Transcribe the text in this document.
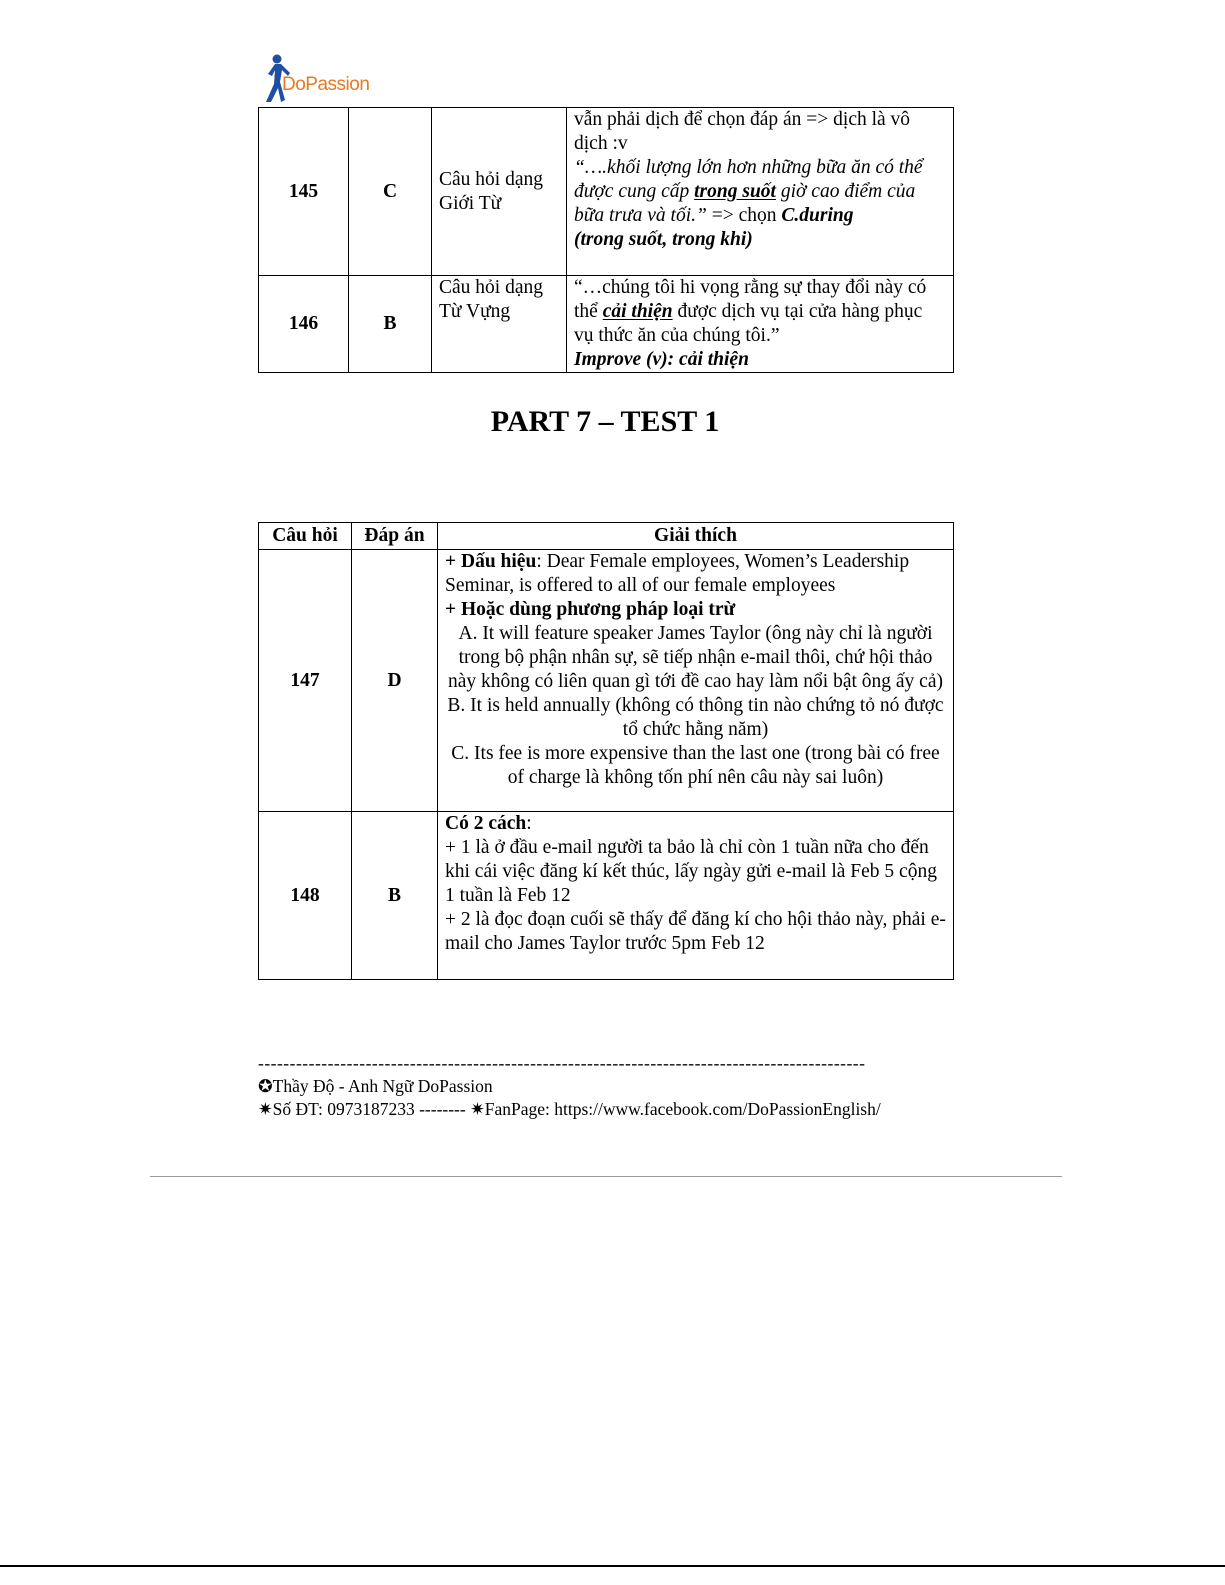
DoPassion
145	C	Câu hỏi dạng Giới Từ	vẫn phải dịch để chọn đáp án => dịch là vô dịch :v
“….khối lượng lớn hơn những bữa ăn có thể được cung cấp trong suốt giờ cao điểm của bữa trưa và tối.” => chọn C.during
(trong suốt, trong khi)

146	B	Câu hỏi dạng Từ Vựng	“…chúng tôi hi vọng rằng sự thay đổi này có thể cải thiện được dịch vụ tại cửa hàng phục vụ thức ăn của chúng tôi.”
Improve (v): cải thiện
PART 7 – TEST 1
Câu hỏi	Đáp án	Giải thích
147	D	+ Dấu hiệu: Dear Female employees, Women’s Leadership Seminar, is offered to all of our female employees
+ Hoặc dùng phương pháp loại trừ
A. It will feature speaker James Taylor (ông này chỉ là người trong bộ phận nhân sự, sẽ tiếp nhận e-mail thôi, chứ hội thảo này không có liên quan gì tới đề cao hay làm nổi bật ông ấy cả)
B. It is held annually (không có thông tin nào chứng tỏ nó được tổ chức hằng năm)
C. Its fee is more expensive than the last one (trong bài có free of charge là không tốn phí nên câu này sai luôn)

148	B	Có 2 cách:
+ 1 là ở đầu e-mail người ta bảo là chỉ còn 1 tuần nữa cho đến khi cái việc đăng kí kết thúc, lấy ngày gửi e-mail là Feb 5 cộng 1 tuần là Feb 12
+ 2 là đọc đoạn cuối sẽ thấy để đăng kí cho hội thảo này, phải e-mail cho James Taylor trước 5pm Feb 12
------------------------------------------------------------------------------------------------
✪Thầy Độ - Anh Ngữ DoPassion
✷Số ĐT: 0973187233 -------- ✷FanPage: https://www.facebook.com/DoPassionEnglish/
